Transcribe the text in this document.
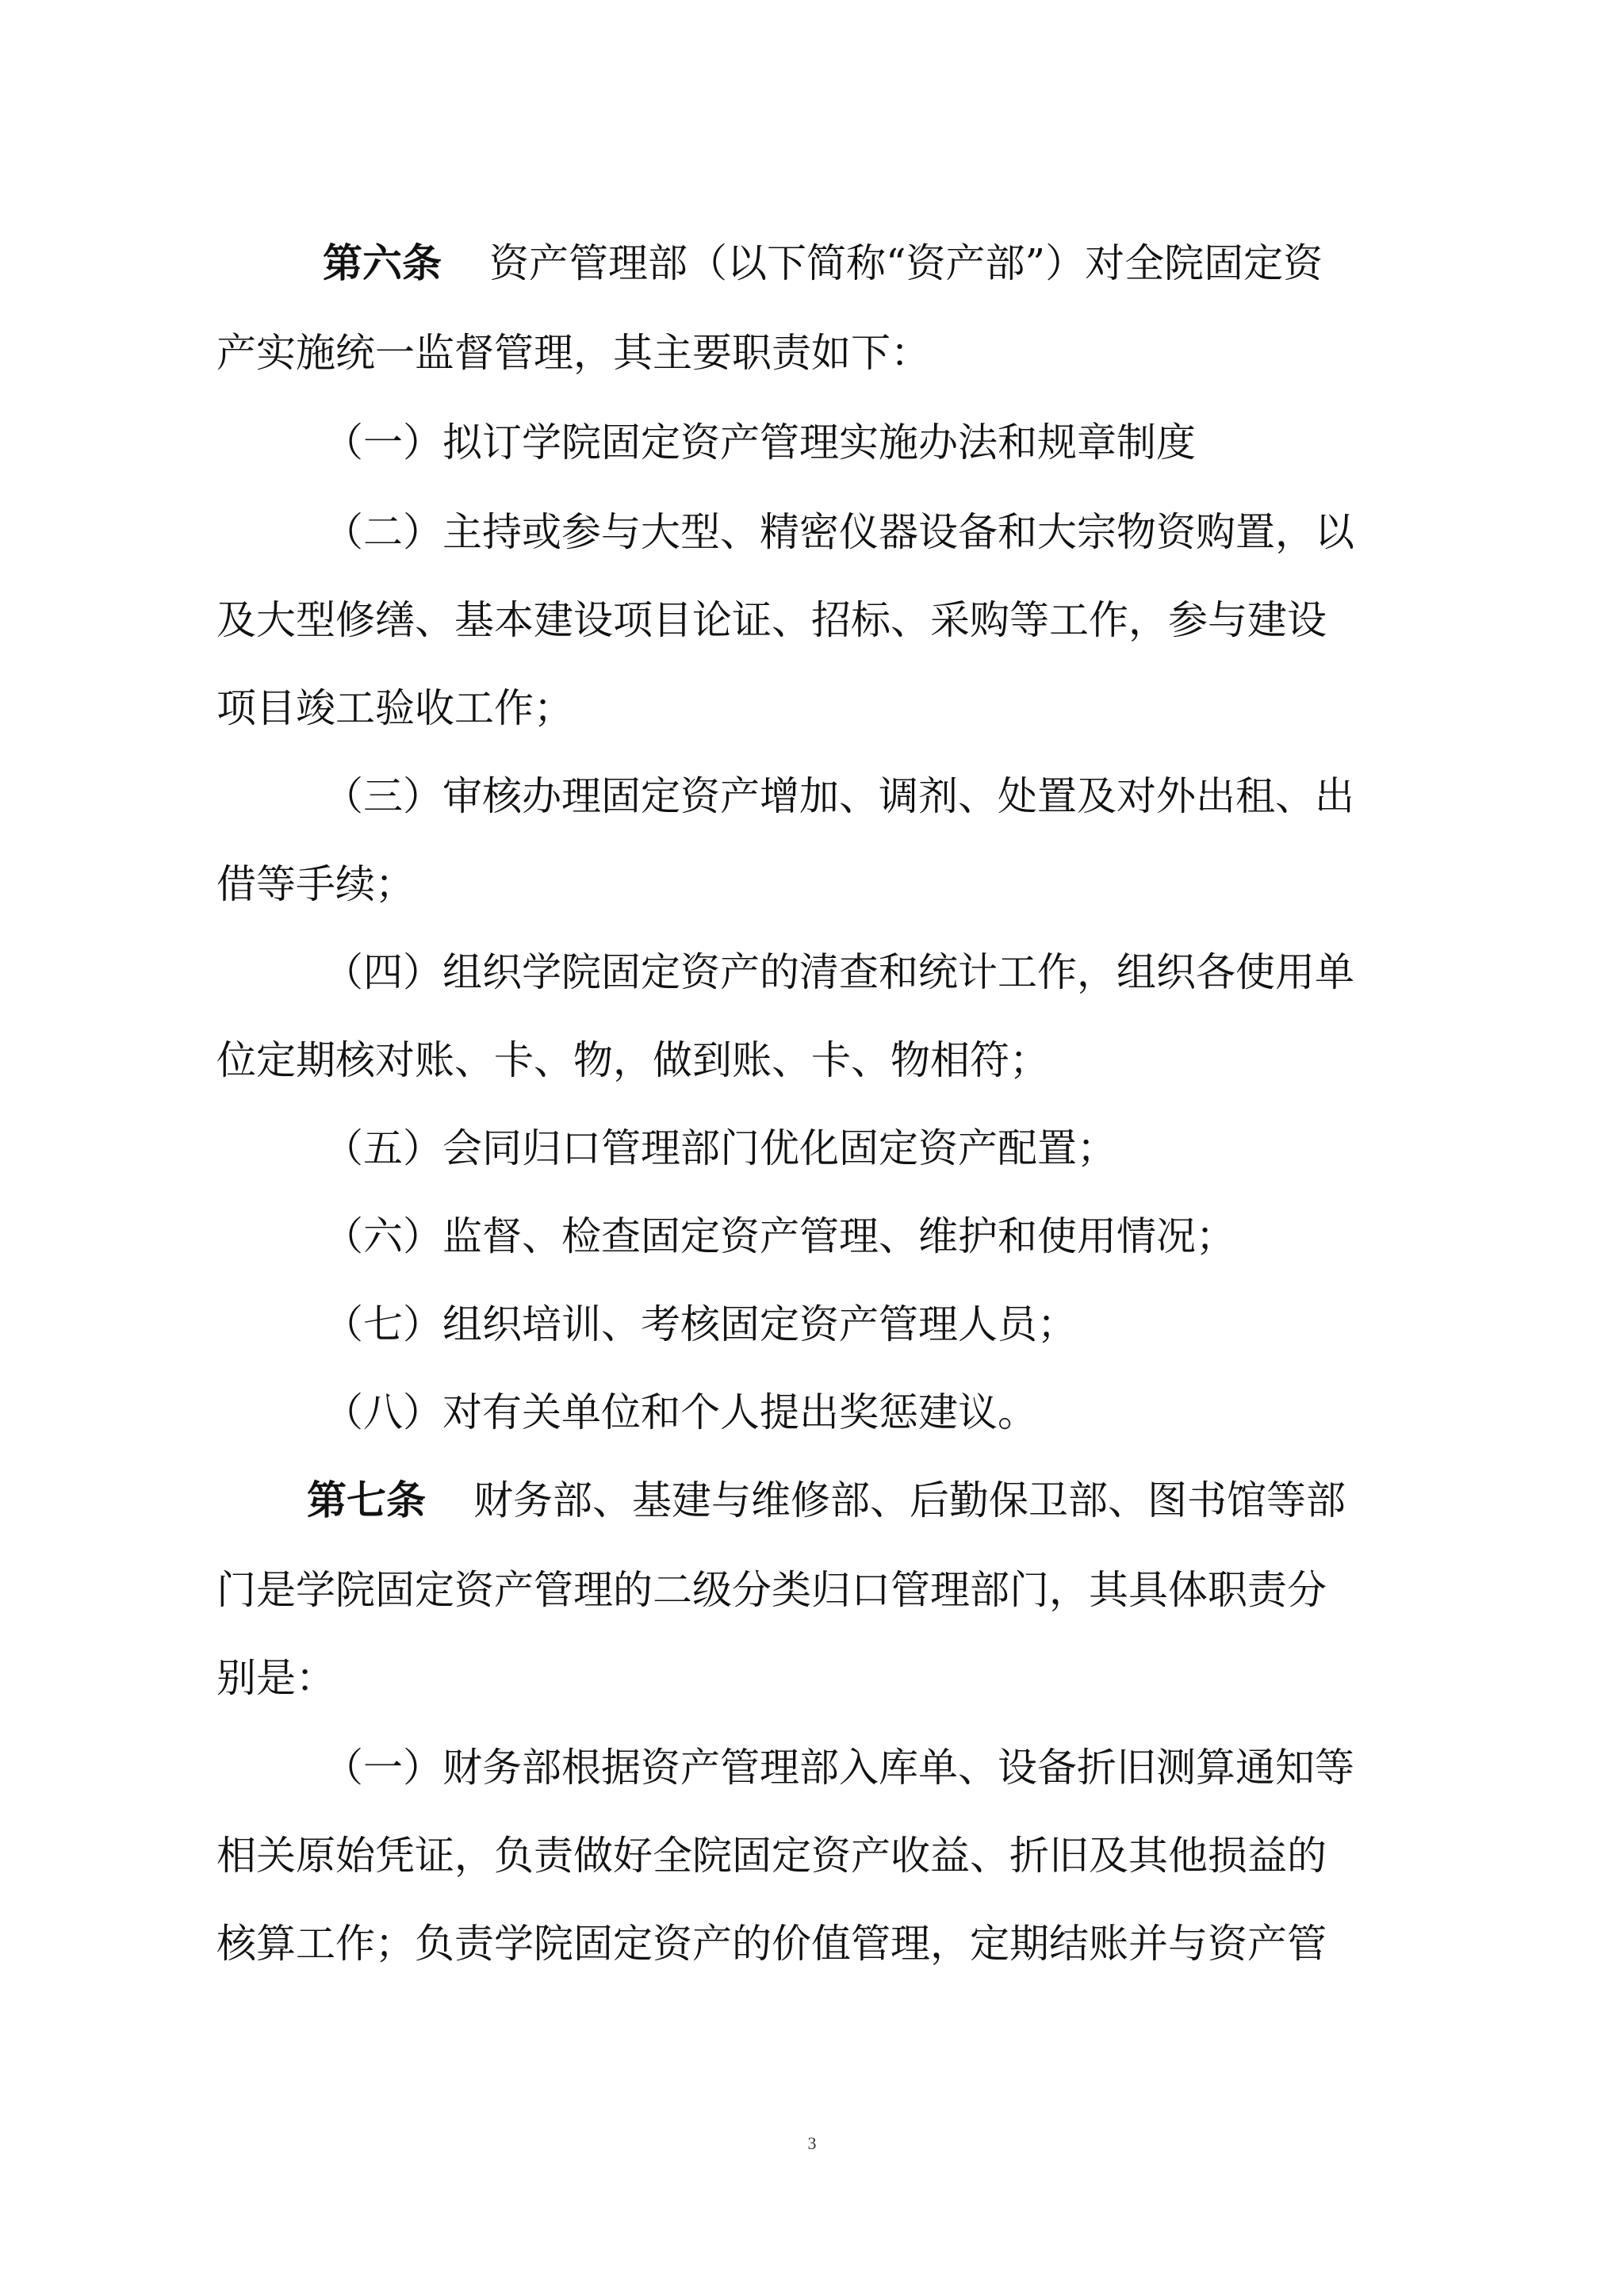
第六条 资产管理部（以下简称“资产部”）对全院固定资
产实施统一监督管理，其主要职责如下：
（一）拟订学院固定资产管理实施办法和规章制度
（二）主持或参与大型、精密仪器设备和大宗物资购置，以
及大型修缮、基本建设项目论证、招标、采购等工作，参与建设
项目竣工验收工作；
（三）审核办理固定资产增加、调剂、处置及对外出租、出
借等手续；
（四）组织学院固定资产的清查和统计工作，组织各使用单
位定期核对账、卡、物，做到账、卡、物相符；
（五）会同归口管理部门优化固定资产配置；
（六）监督、检查固定资产管理、维护和使用情况；
（七）组织培训、考核固定资产管理人员；
（八）对有关单位和个人提出奖惩建议。
第七条 财务部、基建与维修部、后勤保卫部、图书馆等部
门是学院固定资产管理的二级分类归口管理部门，其具体职责分
别是：
（一）财务部根据资产管理部入库单、设备折旧测算通知等
相关原始凭证，负责做好全院固定资产收益、折旧及其他损益的
核算工作；负责学院固定资产的价值管理，定期结账并与资产管
3
